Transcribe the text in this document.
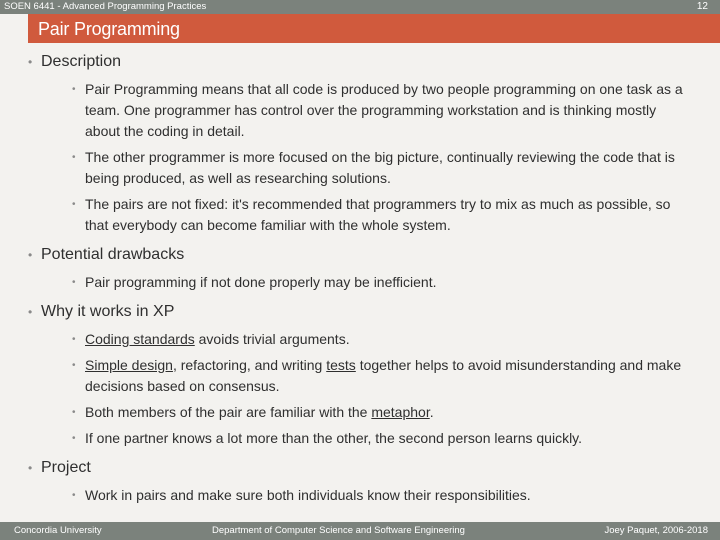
SOEN 6441 - Advanced Programming Practices	12
Pair Programming
• Description
• Pair Programming means that all code is produced by two people programming on one task as a team. One programmer has control over the programming workstation and is thinking mostly about the coding in detail.
• The other programmer is more focused on the big picture, continually reviewing the code that is being produced, as well as researching solutions.
• The pairs are not fixed: it's recommended that programmers try to mix as much as possible, so that everybody can become familiar with the whole system.
• Potential drawbacks
• Pair programming if not done properly may be inefficient.
• Why it works in XP
• Coding standards avoids trivial arguments.
• Simple design, refactoring, and writing tests together helps to avoid misunderstanding and make decisions based on consensus.
• Both members of the pair are familiar with the metaphor.
• If one partner knows a lot more than the other, the second person learns quickly.
• Project
• Work in pairs and make sure both individuals know their responsibilities.
Concordia University	Department of Computer Science and Software Engineering	Joey Paquet, 2006-2018
